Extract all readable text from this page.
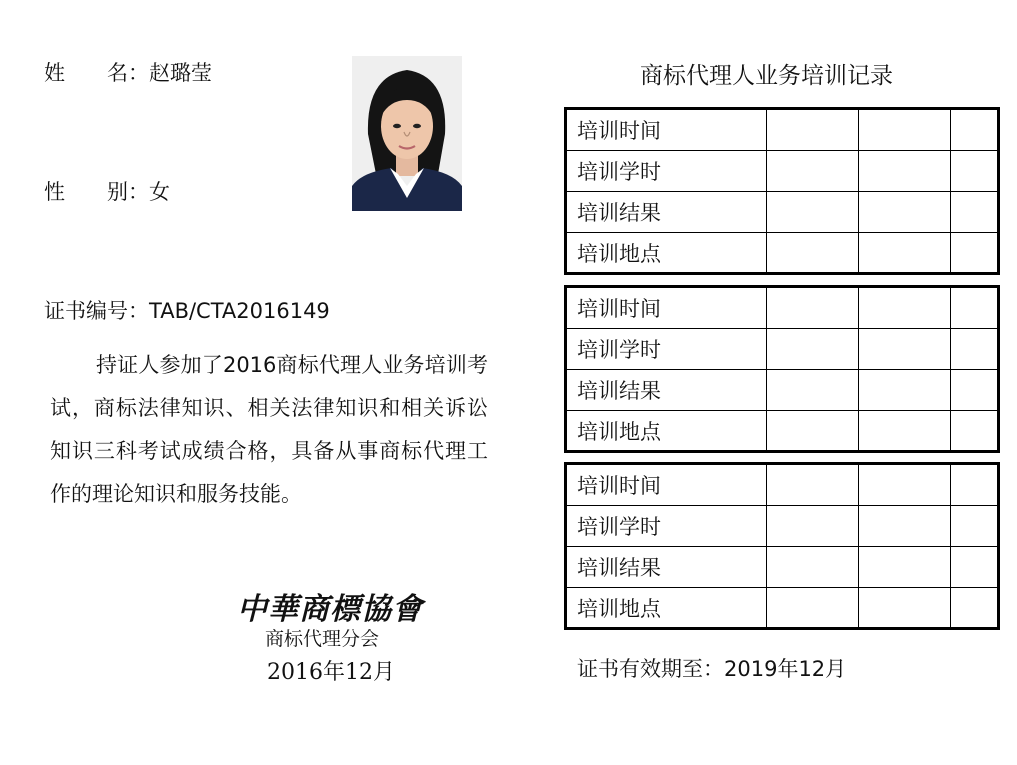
姓　　名：赵璐莹
性　　别：女
证书编号：TAB/CTA2016149

持证人参加了2016商标代理人业务培训考试，商标法律知识、相关法律知识和相关诉讼知识三科考试成绩合格，具备从事商标代理工作的理论知识和服务技能。

中華商標協會
商标代理分会
2016年12月
商标代理人业务培训记录
培训时间			
培训学时			
培训结果			
培训地点			
培训时间			
培训学时			
培训结果			
培训地点			
培训时间			
培训学时			
培训结果			
培训地点			
证书有效期至：2019年12月
